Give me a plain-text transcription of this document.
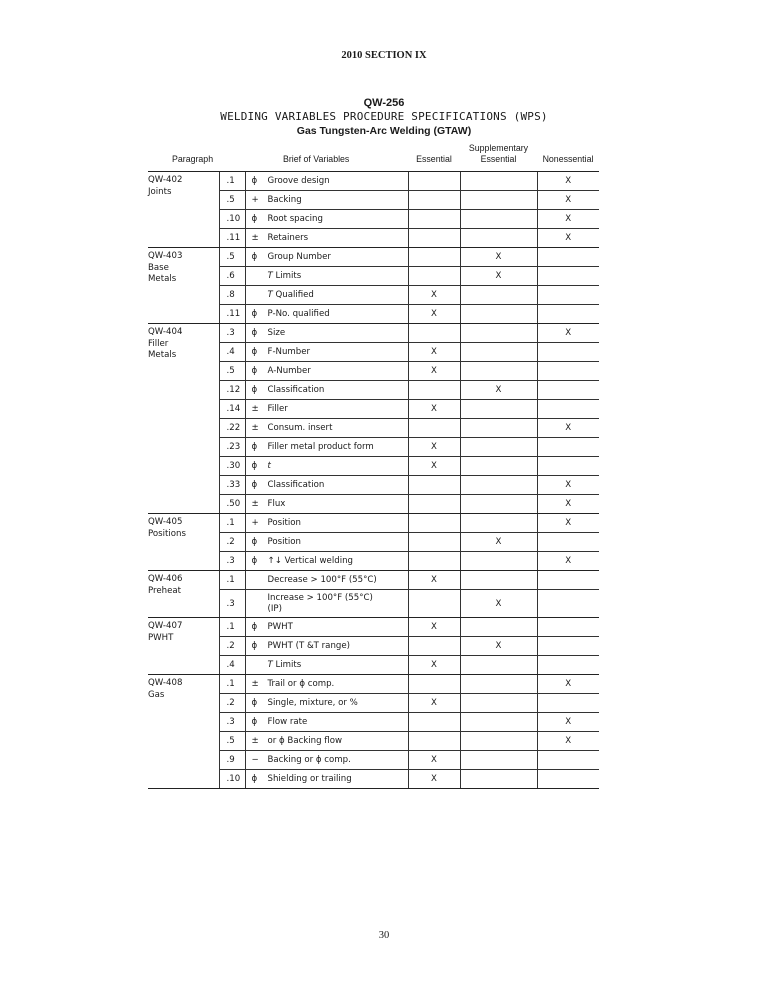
2010 SECTION IX
QW-256
WELDING VARIABLES PROCEDURE SPECIFICATIONS (WPS)
Gas Tungsten-Arc Welding (GTAW)
Paragraph		Brief of Variables	Essential	Supplementary Essential	Nonessential

QW-402
Joints	.1	ϕ Groove design			X
	.5	+ Backing			X
	.10	ϕ Root spacing			X
	.11	± Retainers			X

QW-403
Base Metals	.5	ϕ Group Number		X	
	.6	T Limits		X	
	.8	T Qualified	X		
	.11	ϕ P-No. qualified	X		

QW-404
Filler Metals	.3	ϕ Size			X
	.4	ϕ F-Number	X		
	.5	ϕ A-Number	X		
	.12	ϕ Classification		X	
	.14	± Filler	X		
	.22	± Consum. insert			X
	.23	ϕ Filler metal product form	X		
	.30	ϕ t	X		
	.33	ϕ Classification			X
	.50	± Flux			X

QW-405
Positions	.1	+ Position			X
	.2	ϕ Position		X	
	.3	ϕ ↑↓ Vertical welding			X

QW-406
Preheat	.1	Decrease > 100°F (55°C)	X		
	.3	Increase > 100°F (55°C) (IP)		X	

QW-407
PWHT	.1	ϕ PWHT	X		
	.2	ϕ PWHT (T &T range)		X	
	.4	T Limits	X		

QW-408
Gas	.1	± Trail or ϕ comp.			X
	.2	ϕ Single, mixture, or %	X		
	.3	ϕ Flow rate			X
	.5	± or ϕ Backing flow			X
	.9	− Backing or ϕ comp.	X		
	.10	ϕ Shielding or trailing	X		
30
